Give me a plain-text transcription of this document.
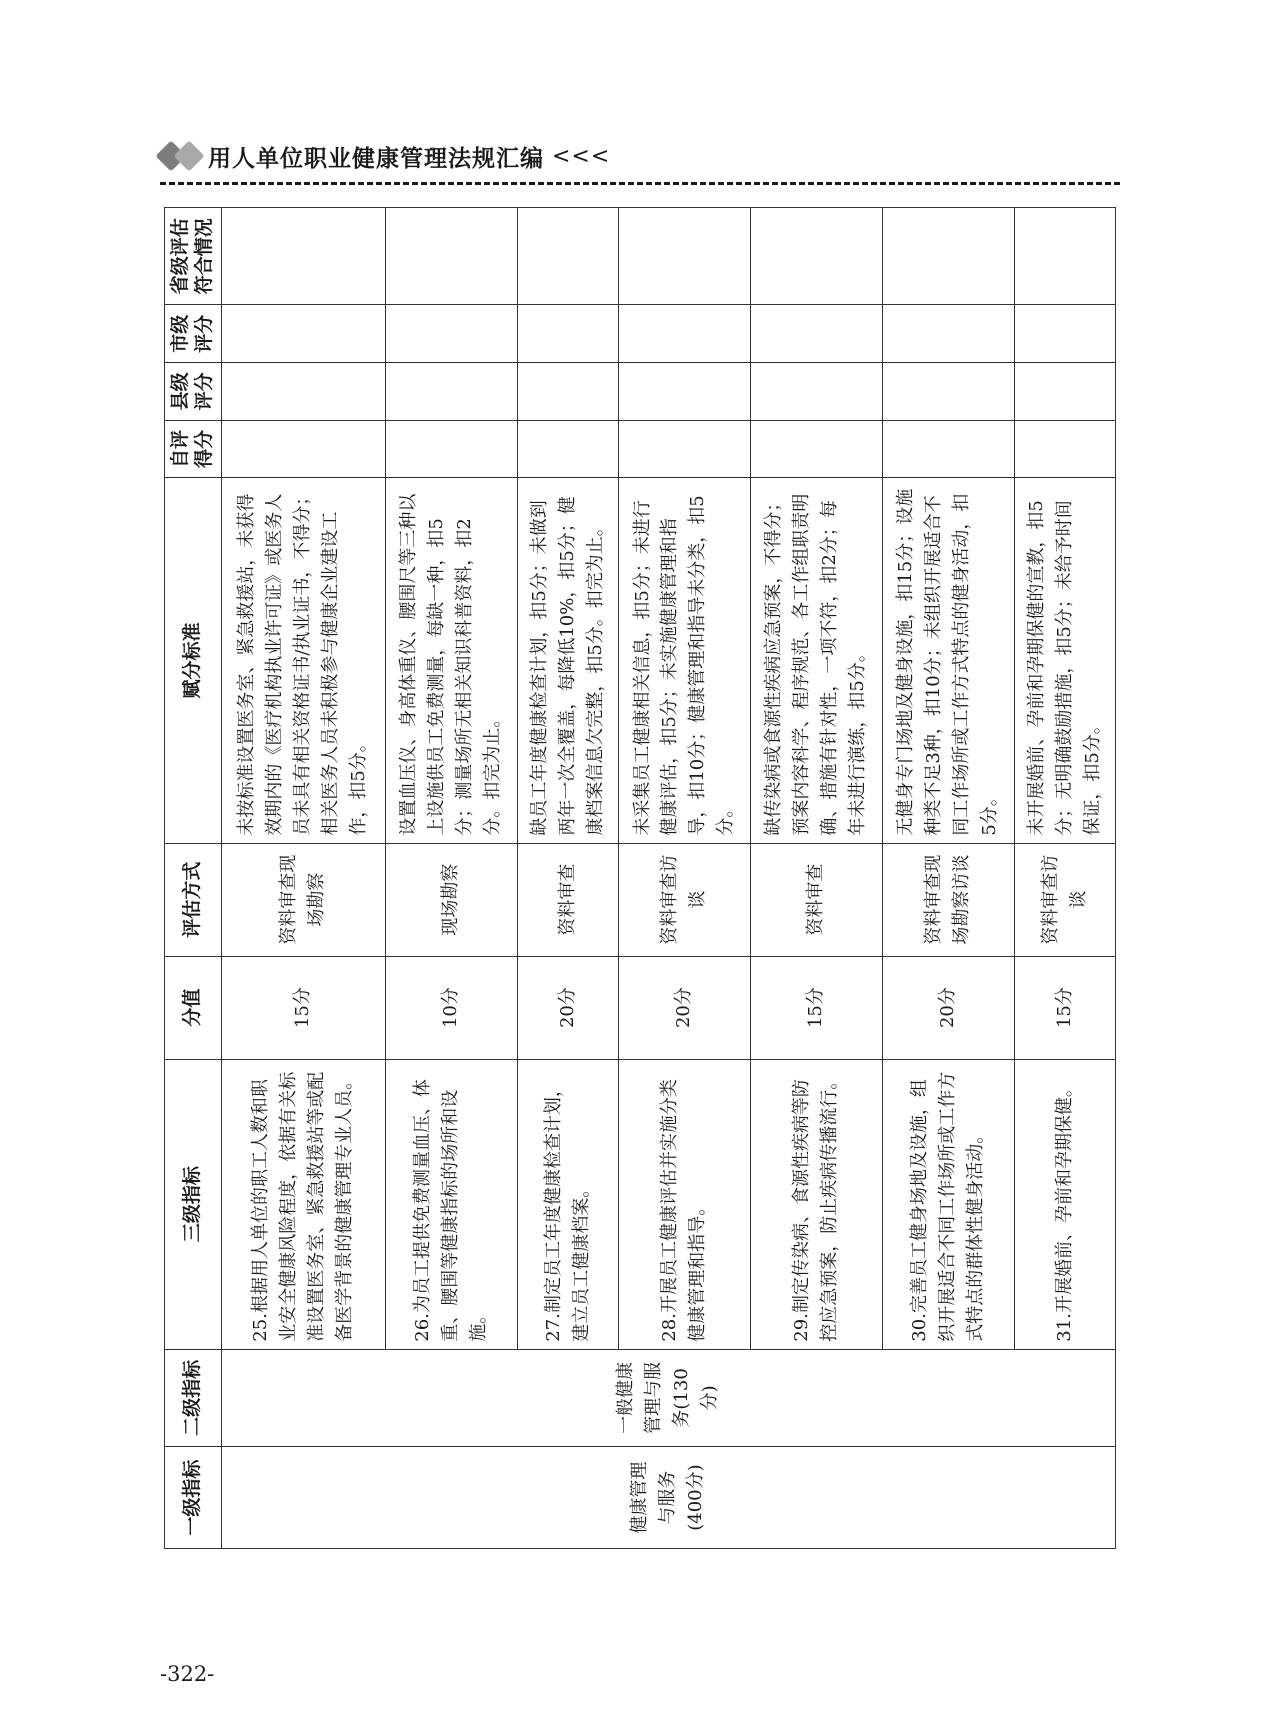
用人单位职业健康管理法规汇编 <<<
一级指标	二级指标	三级指标	分值	评估方式	赋分标准	自评得分	县级评分	市级评分	省级评估符合情况
健康管理与服务(400分)	一般健康管理与服务(130分)	25.根据用人单位的职工人数和职业安全健康风险程度，依据有关标准设置医务室、紧急救援站等或配备医学背景的健康管理专业人员。	15分	资料审查现场勘察	未按标准设置医务室、紧急救援站，未获得效期内的《医疗机构执业许可证》或医务人员未具有相关资格证书/执业证书，不得分；相关医务人员未积极参与健康企业建设工作，扣5分。				
		26.为员工提供免费测量血压、体重、腰围等健康指标的场所和设施。	10分	现场勘察	设置血压仪、身高体重仪、腰围尺等三种以上设施供员工免费测量，每缺一种，扣5分；测量场所无相关知识科普资料，扣2分。扣完为止。				
		27.制定员工年度健康检查计划，建立员工健康档案。	20分	资料审查	缺员工年度健康检查计划，扣5分；未做到两年一次全覆盖，每降低10%，扣5分；健康档案信息欠完整，扣5分。扣完为止。				
		28.开展员工健康评估并实施分类健康管理和指导。	20分	资料审查访谈	未采集员工健康相关信息，扣5分；未进行健康评估，扣5分；未实施健康管理和指导，扣10分；健康管理和指导未分类，扣5分。				
		29.制定传染病、食源性疾病等防控应急预案，防止疾病传播流行。	15分	资料审查	缺传染病或食源性疾病应急预案，不得分；预案内容科学、程序规范、各工作组职责明确、措施有针对性，一项不符，扣2分；每年未进行演练，扣5分。				
		30.完善员工健身场地及设施，组织开展适合不同工作场所或工作方式特点的群体性健身活动。	20分	资料审查现场勘察访谈	无健身专门场地及健身设施，扣15分；设施种类不足3种，扣10分；未组织开展适合不同工作场所或工作方式特点的健身活动，扣5分。				
		31.开展婚前、孕前和孕期保健。	15分	资料审查访谈	未开展婚前、孕前和孕期保健的宣教，扣5分；无明确鼓励措施，扣5分；未给予时间保证，扣5分。				
-322-
